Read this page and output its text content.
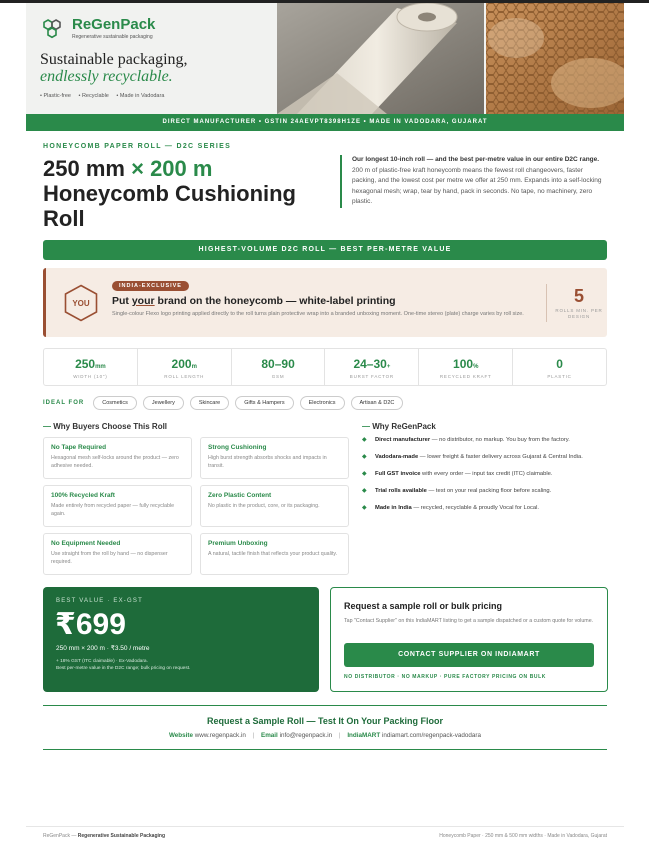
ReGenPack
Regenerative sustainable packaging
Sustainable packaging,
endlessly recyclable.
• Plastic-free • Recyclable • Made in Vadodara
DIRECT MANUFACTURER • GSTIN 24AEVPT8398H1ZE • MADE IN VADODARA, GUJARAT
HONEYCOMB PAPER ROLL — D2C SERIES
250 mm × 200 m
Honeycomb Cushioning Roll
Our longest 10-inch roll — and the best per-metre value in our entire D2C range. 200 m of plastic-free kraft honeycomb means the fewest roll changeovers, faster packing, and the lowest cost per metre we offer at 250 mm. Expands into a self-locking hexagonal mesh; wrap, tear by hand, pack in seconds. No tape, no machinery, zero plastic.
HIGHEST-VOLUME D2C ROLL — BEST PER-METRE VALUE
YOU
INDIA-EXCLUSIVE
Put your brand on the honeycomb — white-label printing
Single-colour Flexo logo printing applied directly to the roll turns plain protective wrap into a branded unboxing moment. One-time stereo (plate) charge varies by roll size.
5
ROLLS MIN. PER DESIGN
250mm
WIDTH (10")
200m
ROLL LENGTH
80–90
GSM
24–30+
BURST FACTOR
100%
RECYCLED KRAFT
0
PLASTIC
IDEAL FOR	Cosmetics	Jewellery	Skincare	Gifts & Hampers	Electronics	Artisan & D2C
— Why Buyers Choose This Roll
No Tape Required
Hexagonal mesh self-locks around the product — zero adhesive needed.
Strong Cushioning
High burst strength absorbs shocks and impacts in transit.
100% Recycled Kraft
Made entirely from recycled paper — fully recyclable again.
Zero Plastic Content
No plastic in the product, core, or its packaging.
No Equipment Needed
Use straight from the roll by hand — no dispenser required.
Premium Unboxing
A natural, tactile finish that reflects your product quality.
— Why ReGenPack
◆ Direct manufacturer — no distributor, no markup. You buy from the factory.
◆ Vadodara-made — lower freight & faster delivery across Gujarat & Central India.
◆ Full GST invoice with every order — input tax credit (ITC) claimable.
◆ Trial rolls available — test on your real packing floor before scaling.
◆ Made in India — recycled, recyclable & proudly Vocal for Local.
BEST VALUE · EX-GST
₹699
250 mm × 200 m · ₹3.50 / metre
+ 18% GST (ITC claimable) · Ex-Vadodara.
Best per-metre value in the D2C range; bulk pricing on request.
Request a sample roll or bulk pricing
Tap "Contact Supplier" on this IndiaMART listing to get a sample dispatched or a custom quote for volume.
CONTACT SUPPLIER ON INDIAMART
NO DISTRIBUTOR · NO MARKUP · PURE FACTORY PRICING ON BULK
Request a Sample Roll — Test It On Your Packing Floor
Website www.regenpack.in | Email info@regenpack.in | IndiaMART indiamart.com/regenpack-vadodara
ReGenPack — Regenerative Sustainable Packaging	Honeycomb Paper · 250 mm & 500 mm widths · Made in Vadodara, Gujarat
